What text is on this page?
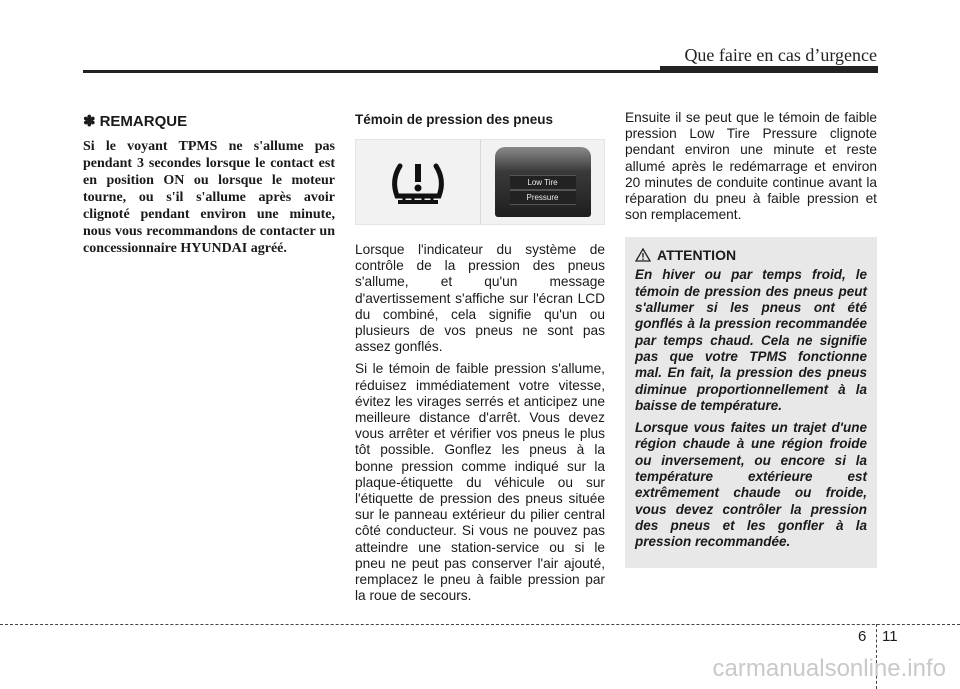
Que faire en cas d’urgence
✽ REMARQUE

Si le voyant TPMS ne s'allume pas pendant 3 secondes lorsque le contact est en position ON ou lorsque le moteur tourne, ou s'il s'allume après avoir clignoté pendant environ une minute, nous vous recommandons de contacter un concessionnaire HYUNDAI agréé.

Témoin de pression des pneus
Low Tire
Pressure

Lorsque l'indicateur du système de contrôle de la pression des pneus s'allume, et qu'un message d'avertissement s'affiche sur l'écran LCD du combiné, cela signifie qu'un ou plusieurs de vos pneus ne sont pas assez gonflés.

Si le témoin de faible pression s'allume, réduisez immédiatement votre vitesse, évitez les virages serrés et anticipez une meilleure distance d'arrêt. Vous devez vous arrêter et vérifier vos pneus le plus tôt possible. Gonflez les pneus à la bonne pression comme indiqué sur la plaque-étiquette du véhicule ou sur l'étiquette de pression des pneus située sur le panneau extérieur du pilier central côté conducteur. Si vous ne pouvez pas atteindre une station-service ou si le pneu ne peut pas conserver l'air ajouté, remplacez le pneu à faible pression par la roue de secours.

Ensuite il se peut que le témoin de faible pression Low Tire Pressure clignote pendant environ une minute et reste allumé après le redémarrage et environ 20 minutes de conduite continue avant la réparation du pneu à faible pression et son remplacement.

ATTENTION

En hiver ou par temps froid, le témoin de pression des pneus peut s'allumer si les pneus ont été gonflés à la pression recommandée par temps chaud. Cela ne signifie pas que votre TPMS fonctionne mal. En fait, la pression des pneus diminue proportionnellement à la baisse de température.

Lorsque vous faites un trajet d'une région chaude à une région froide ou inversement, ou encore si la température extérieure est extrêmement chaude ou froide, vous devez contrôler la pression des pneus et les gonfler à la pression recommandée.

6 11
carmanualsonline.info
